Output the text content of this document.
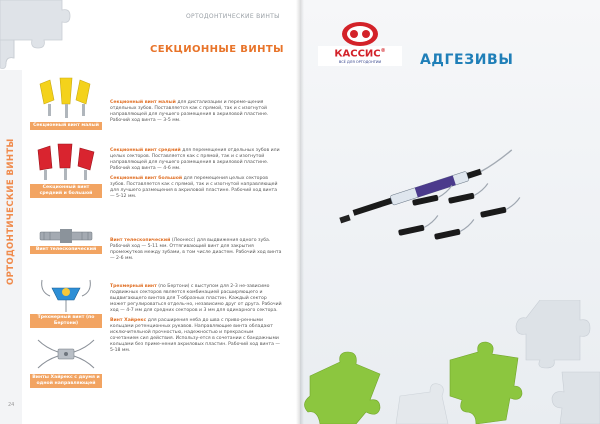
ОРТОДОНТИЧЕСКИЕ ВИНТЫ
СЕКЦИОННЫЕ ВИНТЫ
ОРТОДОНТИЧЕСКИЕ ВИНТЫ
Секционный винт малый
Секционный винт малый для дистализации и переме-щения отдельных зубов. Поставляется как с прямой, так и с изогнутой направляющей для лучшего размещения в акриловой пластине. Рабочий ход винта — 3-5 мм.
Секционный винт средний и большой
Секционный винт средний для перемещения отдельных зубов или целых секторов. Поставляется как с прямой, так и с изогнутой направляющей для лучшего размещения в акриловой пластине. Рабочий ход винта — 4-6 мм.
Секционный винт большой для перемещения целых секторов зубов. Поставляется как с прямой, так и с изогнутой направляющей для лучшего размещения в акриловой пластине. Рабочий ход винта — 5-12 мм.
Винт телескопический
Винт телескопический (Леонесс) для выдвижения одного зуба. Рабочий ход — 5-11 мм. Оттягивающий винт для закрытия промежутков между зубами, в том числе диастем. Рабочий ход винта — 2-6 мм.
Трехмерный винт (по Бертони)
Трехмерный винт (по Бертони) с выступом для 2-3 не-зависимо подвижных секторов является комбинацией расширяющего и выдвигающего винтов для Т-образных пластин. Каждый сектор может регулироваться отдель-но, независимо друг от друга. Рабочий ход — 4-7 мм для средних секторов и 3 мм для одинарного сектора.
Винты Хайрекс с двумя и одной направляющей
Винт Хайрекс для расширения неба до шва с приво-ренными кольцами ретенционных рукавов. Направляющие винта обладают исключительной прочностью, надежностью и прекрасным сочетанием сил действия. Использу-ется в сочетании с бандажными кольцами без приме-нения акриловых пластин. Рабочий ход винта — 5-18 мм.
24
КАССИС®
ВСЁ ДЛЯ ОРТОДОНТИИ	АДГЕЗИВЫ
